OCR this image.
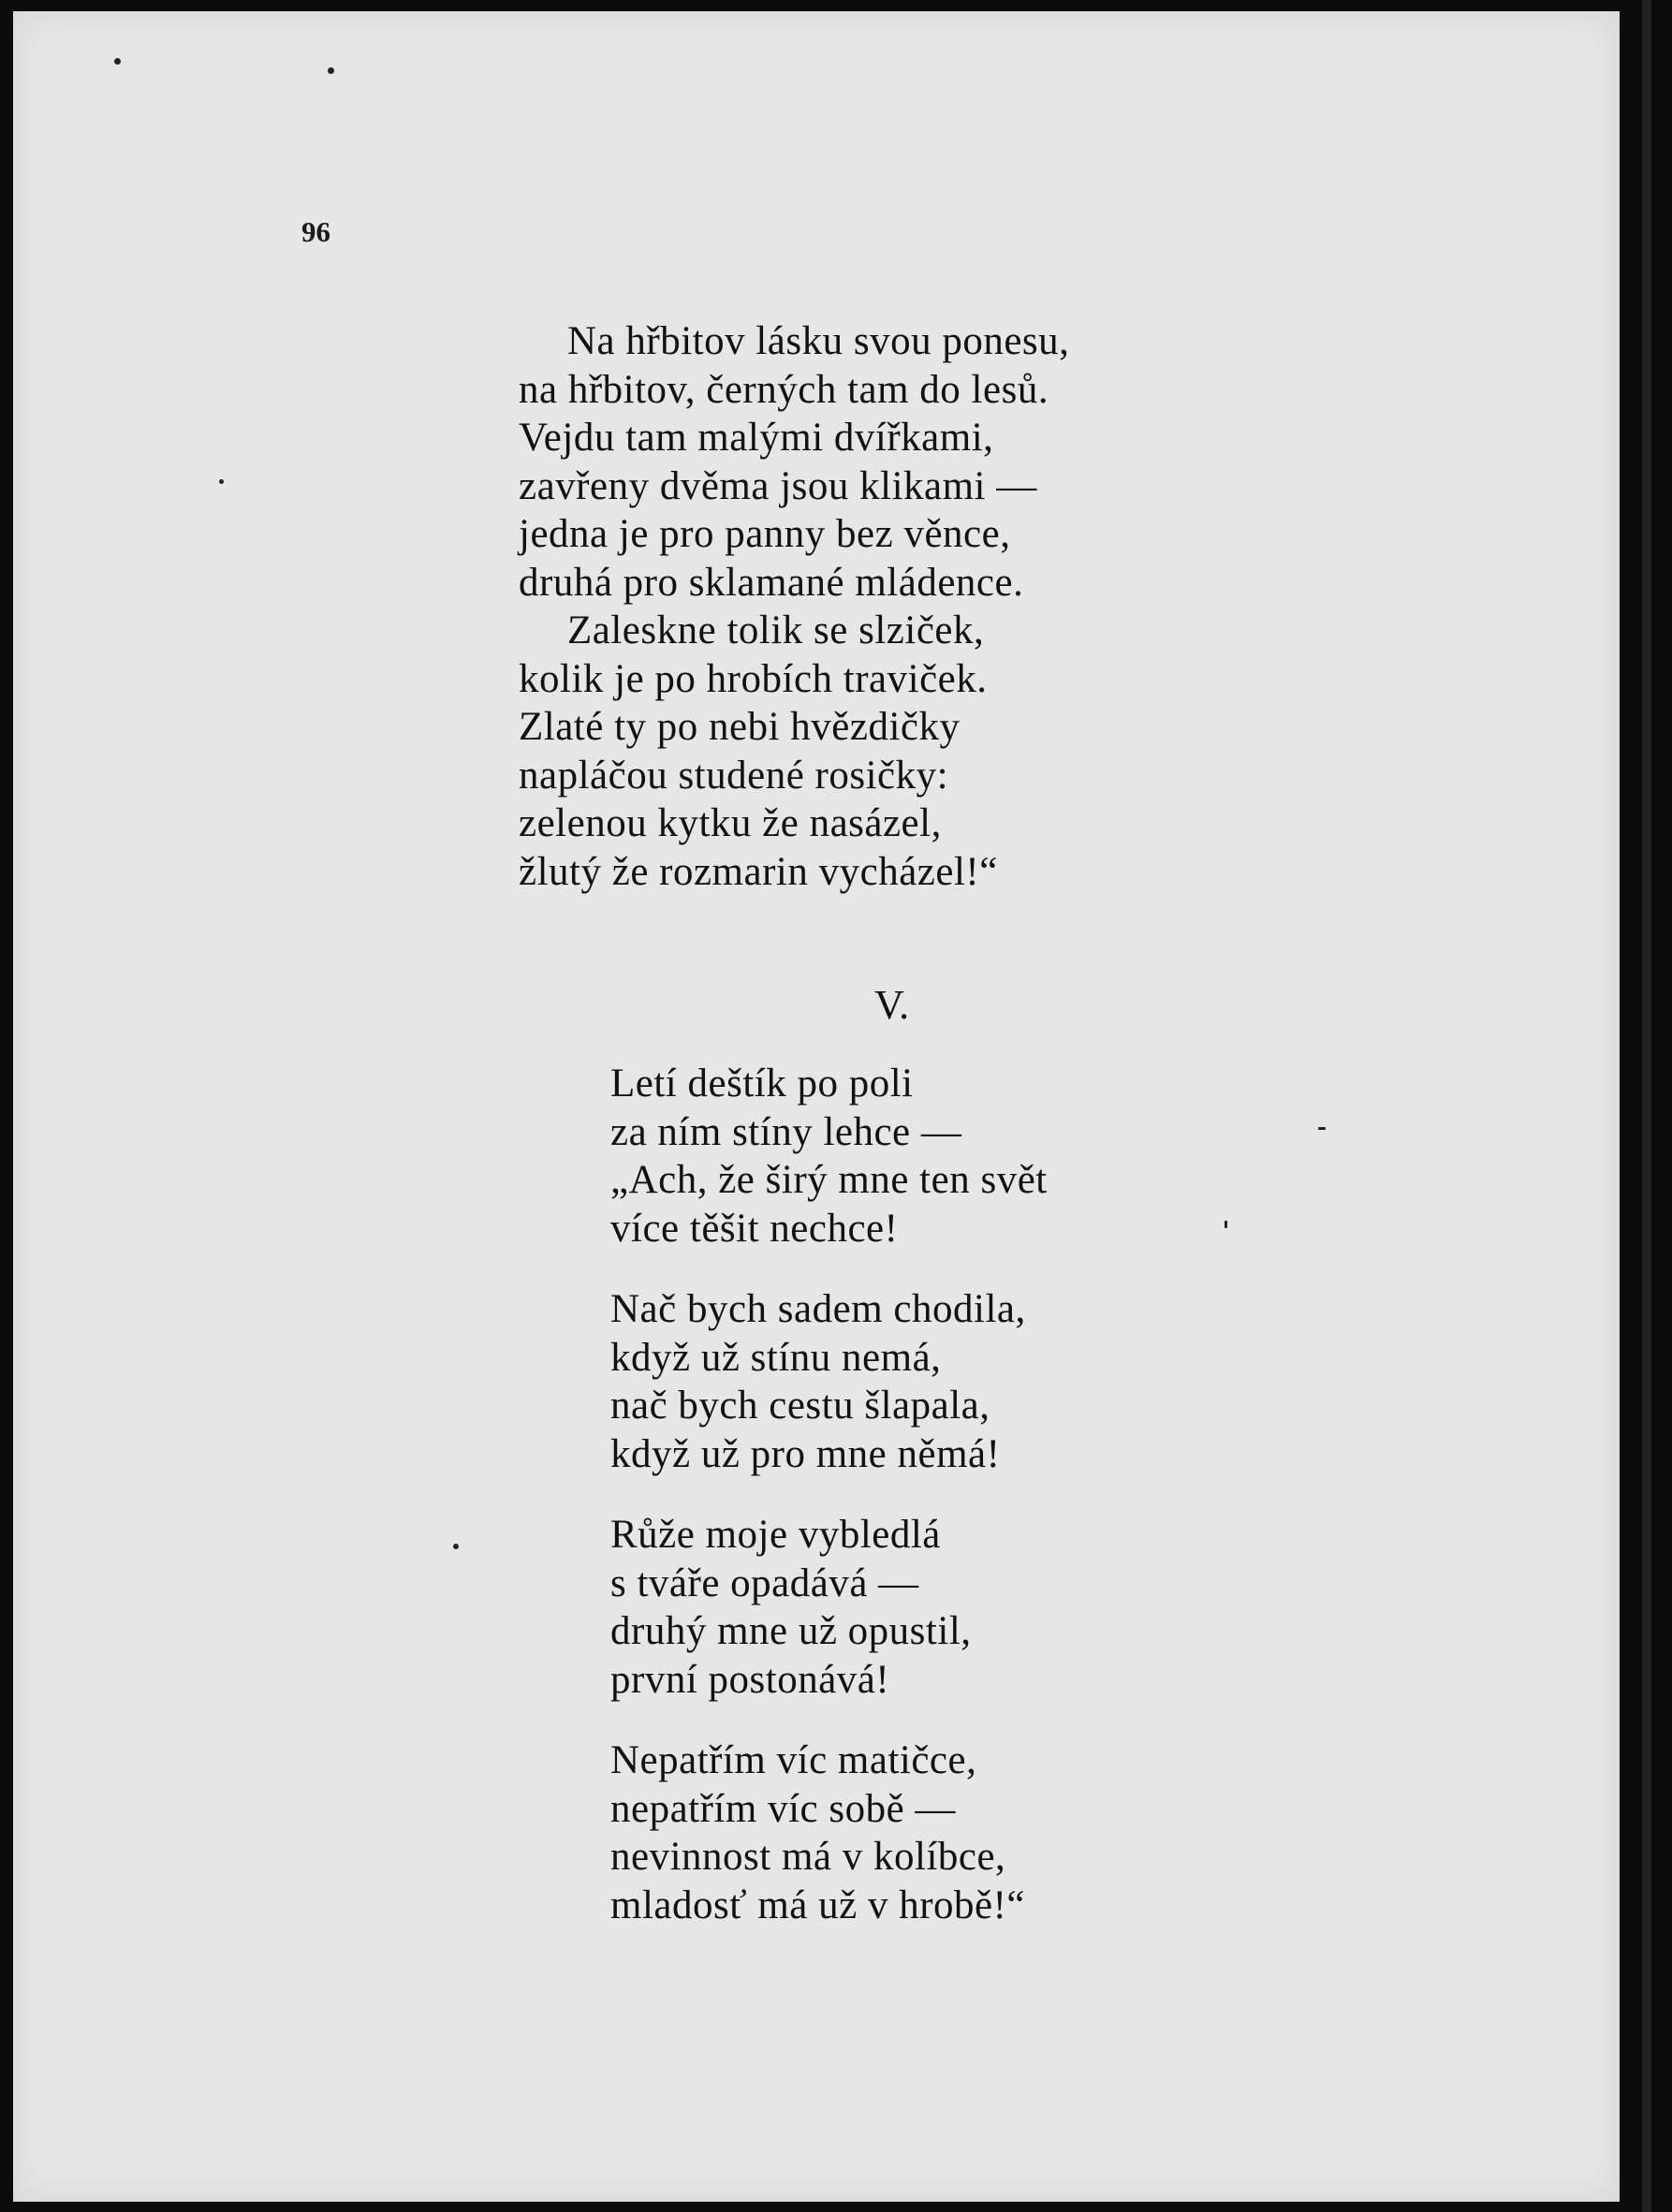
96
Na hřbitov lásku svou ponesu,
na hřbitov, černých tam do lesů.
Vejdu tam malými dvířkami,
zavřeny dvěma jsou klikami —
jedna je pro panny bez věnce,
druhá pro sklamané mládence.
Zaleskne tolik se slziček,
kolik je po hrobích traviček.
Zlaté ty po nebi hvězdičky
napláčou studené rosičky:
zelenou kytku že nasázel,
žlutý že rozmarin vycházel!“
V.
Letí deštík po poli
za ním stíny lehce —
„Ach, že širý mne ten svět
více těšit nechce!
Nač bych sadem chodila,
když už stínu nemá,
nač bych cestu šlapala,
když už pro mne němá!
Růže moje vybledlá
s tváře opadává —
druhý mne už opustil,
první postonává!
Nepatřím víc matičce,
nepatřím víc sobě —
nevinnost má v kolíbce,
mladosť má už v hrobě!“
